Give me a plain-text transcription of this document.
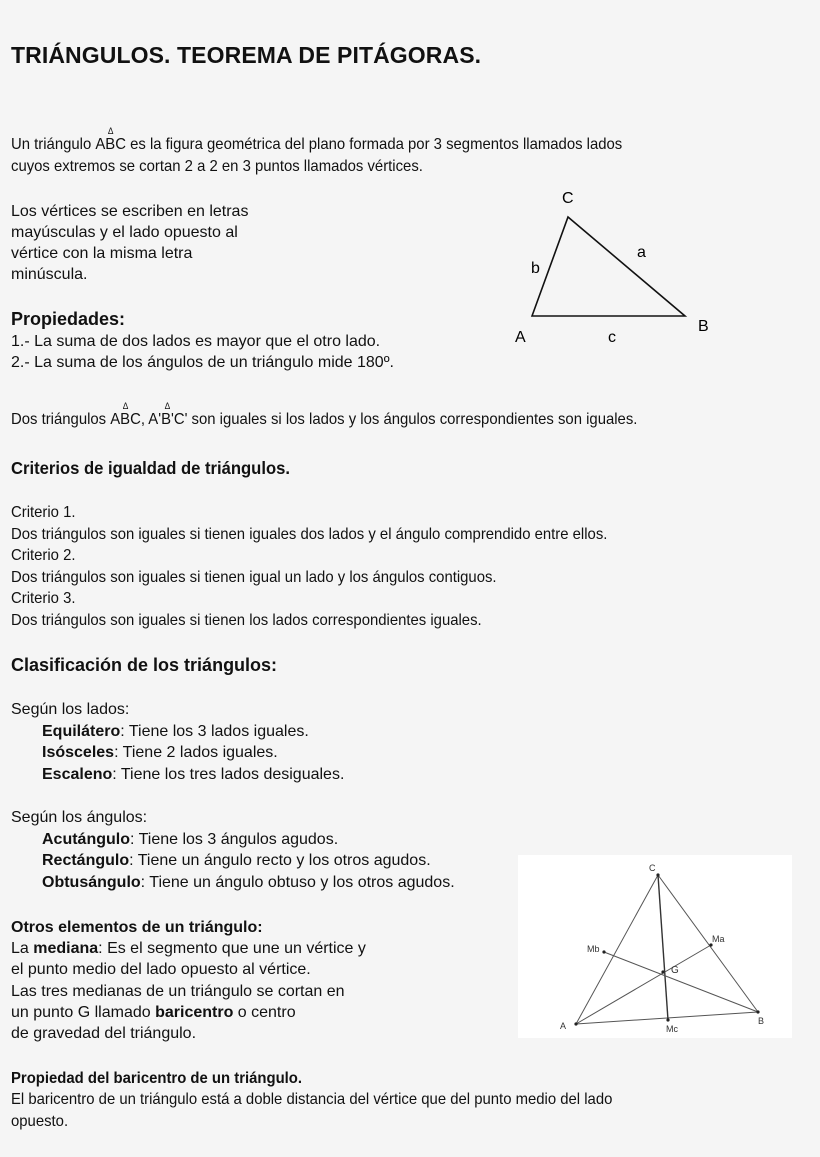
TRIÁNGULOS. TEOREMA DE PITÁGORAS.
Un triángulo
Δ
ABC es la figura geométrica del plano formada por 3 segmentos llamados lados
cuyos extremos se cortan 2 a 2 en 3 puntos llamados vértices.
Los vértices se escriben en letras
mayúsculas y el lado opuesto al
vértice con la misma letra
minúscula.
Propiedades:
1.- La suma de dos lados es mayor que el otro lado.
2.- La suma de los ángulos de un triángulo mide 180º.
C
A
B
a
b
c
Dos triángulos
Δ
ABC, A'
Δ
B'C' son iguales si los lados y los ángulos correspondientes son iguales.
Criterios de igualdad de triángulos.
Criterio 1.
Dos triángulos son iguales si tienen iguales dos lados y el ángulo comprendido entre ellos.
Criterio 2.
Dos triángulos son iguales si tienen igual un lado y los ángulos contiguos.
Criterio 3.
Dos triángulos son iguales si tienen los lados correspondientes iguales.
Clasificación de los triángulos:
Según los lados:
Equilátero: Tiene los 3 lados iguales.
Isósceles: Tiene 2 lados iguales.
Escaleno: Tiene los tres lados desiguales.
Según los ángulos:
Acutángulo: Tiene los 3 ángulos agudos.
Rectángulo: Tiene un ángulo recto y los otros agudos.
Obtusángulo: Tiene un ángulo obtuso y los otros agudos.
C
A	B
Ma
Mb
Mc
G
Otros elementos de un triángulo:
La mediana: Es el segmento que une un vértice y
el punto medio del lado opuesto al vértice.
Las tres medianas de un triángulo se cortan en
un punto G llamado baricentro o centro
de gravedad del triángulo.
Propiedad del baricentro de un triángulo.
El baricentro de un triángulo está a doble distancia del vértice que del punto medio del lado
opuesto.
